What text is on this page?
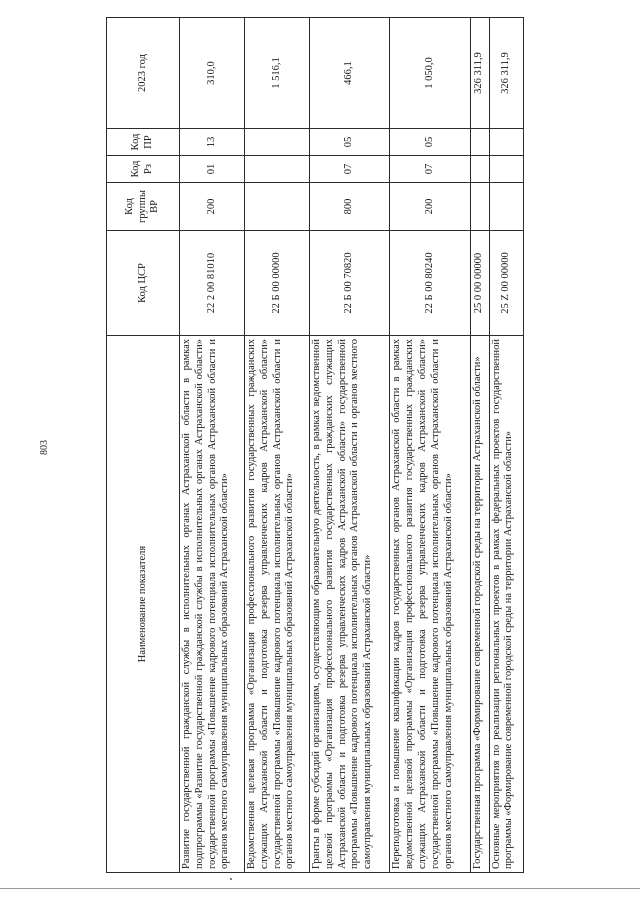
803
Наименование показателя	Код ЦСР	Код группы ВР	Код Рз	Код ПР	2023 год
Развитие государственной гражданской службы в исполнительных органах Астраханской области в рамках подпрограммы «Развитие государственной гражданской службы в исполнительных органах Астраханской области» государственной программы «Повышение кадрового потенциала исполнительных органов Астраханской области и органов местного самоуправления муниципальных образований Астраханской области»	22 2 00 81010	200	01	13	310,0
Ведомственная целевая программа «Организация профессионального развития государственных гражданских служащих Астраханской области и подготовка резерва управленческих кадров Астраханской области» государственной программы «Повышение кадрового потенциала исполнительных органов Астраханской области и органов местного самоуправления муниципальных образований Астраханской области»	22 Б 00 00000				1 516,1
Гранты в форме субсидий организациям, осуществляющим образовательную деятельность, в рамках ведомственной целевой программы «Организация профессионального развития государственных гражданских служащих Астраханской области и подготовка резерва управленческих кадров Астраханской области» государственной программы «Повышение кадрового потенциала исполнительных органов Астраханской области и органов местного самоуправления муниципальных образований Астраханской области»	22 Б 00 70820	800	07	05	466,1
Переподготовка и повышение квалификации кадров государственных органов Астраханской области в рамках ведомственной целевой программы «Организация профессионального развития государственных гражданских служащих Астраханской области и подготовка резерва управленческих кадров Астраханской области» государственной программы «Повышение кадрового потенциала исполнительных органов Астраханской области и органов местного самоуправления муниципальных образований Астраханской области»	22 Б 00 80240	200	07	05	1 050,0
Государственная программа «Формирование современной городской среды на территории Астраханской области»	25 0 00 00000				326 311,9
Основные мероприятия по реализации региональных проектов в рамках федеральных проектов государственной программы «Формирование современной городской среды на территории Астраханской области»	25 Z 00 00000				326 311,9
